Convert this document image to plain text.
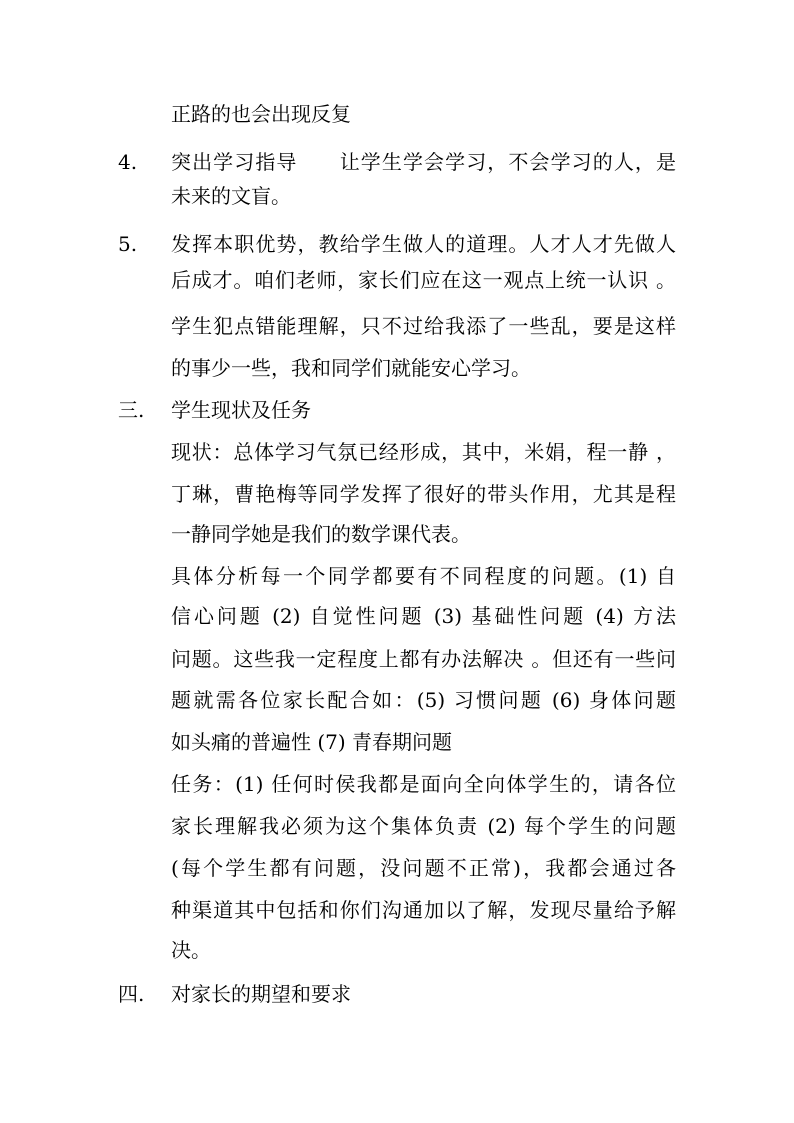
正路的也会出现反复
4. 突出学习指导　　让学生学会学习，不会学习的人，是
未来的文盲。
5. 发挥本职优势，教给学生做人的道理。人才人才先做人
后成才。咱们老师，家长们应在这一观点上统一认识 。
学生犯点错能理解，只不过给我添了一些乱，要是这样
的事少一些，我和同学们就能安心学习。
三. 学生现状及任务
现状：总体学习气氛已经形成，其中，米娟，程一静 ，
丁琳，曹艳梅等同学发挥了很好的带头作用，尤其是程
一静同学她是我们的数学课代表。
具体分析每一个同学都要有不同程度的问题。(1) 自
信心问题 (2) 自觉性问题 (3) 基础性问题 (4) 方法
问题。这些我一定程度上都有办法解决 。但还有一些问
题就需各位家长配合如：(5) 习惯问题 (6) 身体问题
如头痛的普遍性 (7) 青春期问题
任务：(1) 任何时侯我都是面向全向体学生的，请各位
家长理解我必须为这个集体负责 (2) 每个学生的问题
(每个学生都有问题，没问题不正常)，我都会通过各
种渠道其中包括和你们沟通加以了解，发现尽量给予解
决。
四. 对家长的期望和要求
